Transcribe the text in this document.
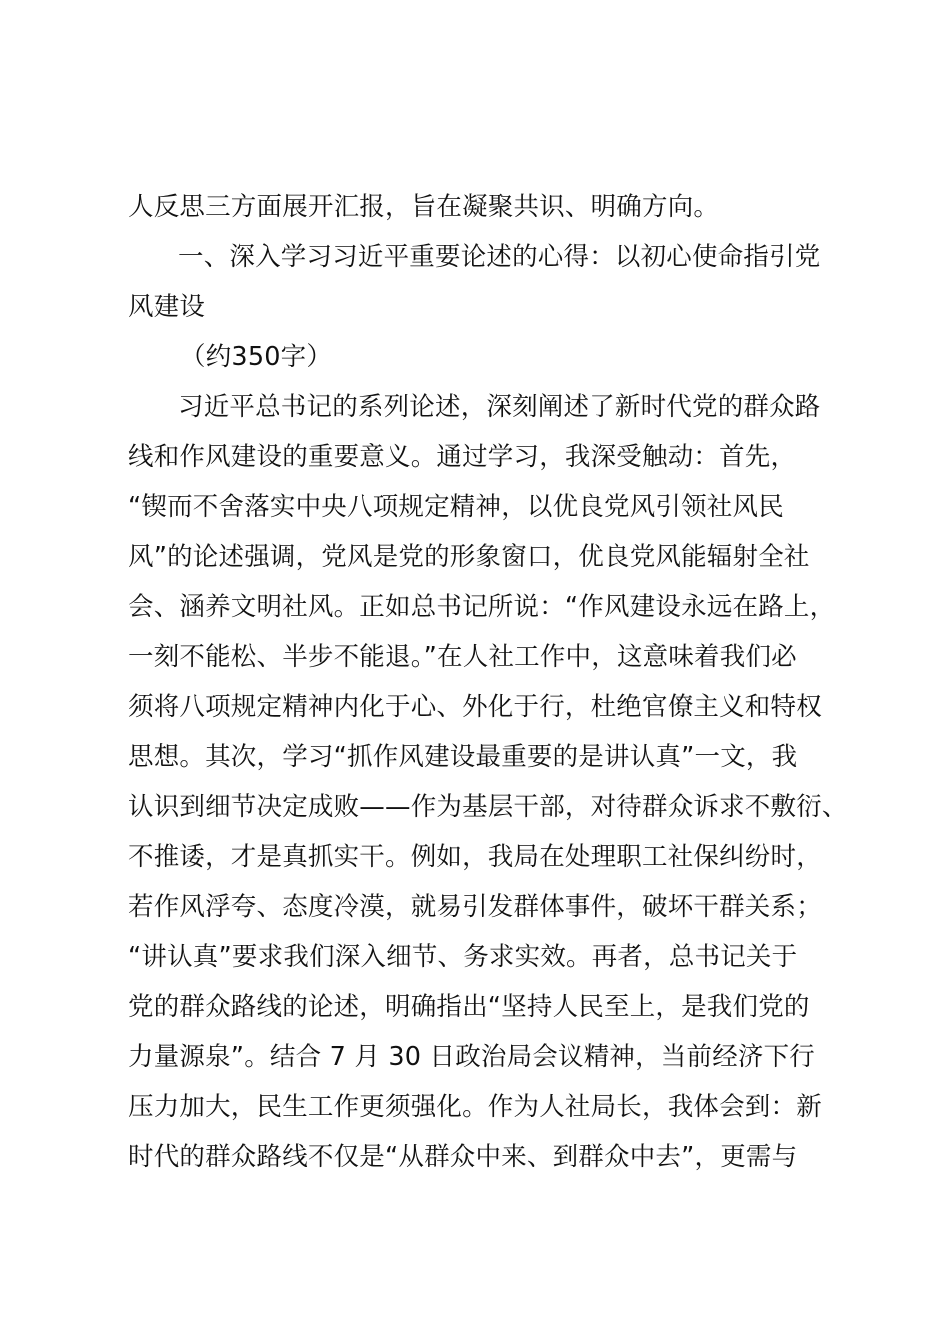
人反思三方面展开汇报，旨在凝聚共识、明确方向。
一、深入学习习近平重要论述的心得：以初心使命指引党
风建设
（约350字）
习近平总书记的系列论述，深刻阐述了新时代党的群众路
线和作风建设的重要意义。通过学习，我深受触动：首先，
“锲而不舍落实中央八项规定精神，以优良党风引领社风民
风”的论述强调，党风是党的形象窗口，优良党风能辐射全社
会、涵养文明社风。正如总书记所说：“作风建设永远在路上，
一刻不能松、半步不能退。”在人社工作中，这意味着我们必
须将八项规定精神内化于心、外化于行，杜绝官僚主义和特权
思想。其次，学习“抓作风建设最重要的是讲认真”一文，我
认识到细节决定成败——作为基层干部，对待群众诉求不敷衍、
不推诿，才是真抓实干。例如，我局在处理职工社保纠纷时，
若作风浮夸、态度冷漠，就易引发群体事件，破坏干群关系；
“讲认真”要求我们深入细节、务求实效。再者，总书记关于
党的群众路线的论述，明确指出“坚持人民至上，是我们党的
力量源泉”。结合 7 月 30 日政治局会议精神，当前经济下行
压力加大，民生工作更须强化。作为人社局长，我体会到：新
时代的群众路线不仅是“从群众中来、到群众中去”，更需与
